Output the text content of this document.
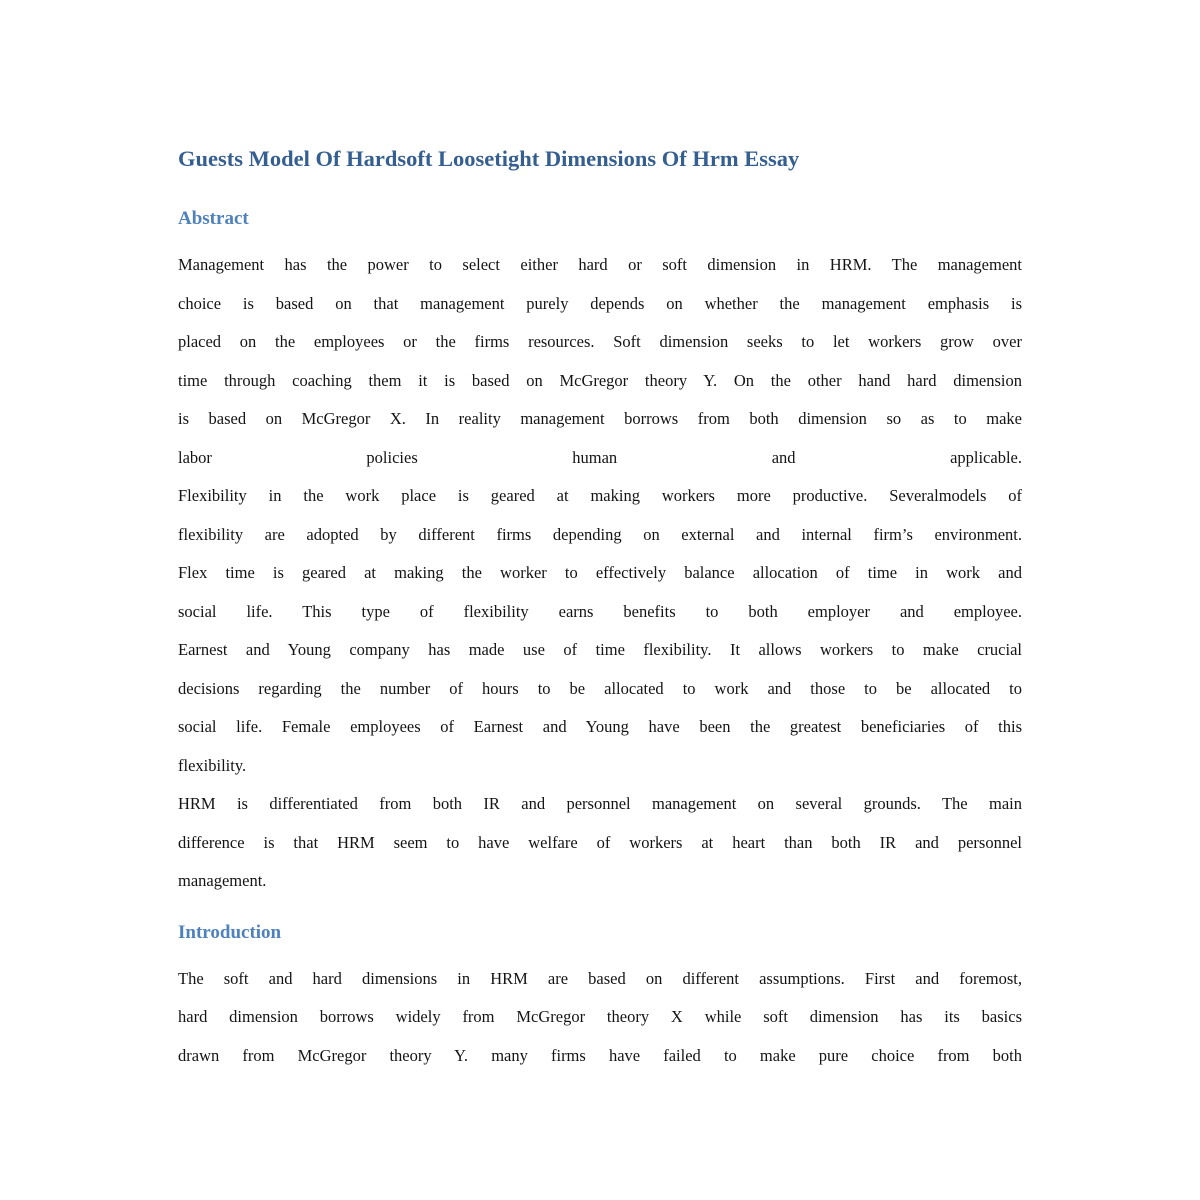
Guests Model Of Hardsoft Loosetight Dimensions Of Hrm Essay
Abstract
Management has the power to select either hard or soft dimension in HRM. The management
choice is based on that management purely depends on whether the management emphasis is
placed on the employees or the firms resources. Soft dimension seeks to let workers grow over
time through coaching them it is based on McGregor theory Y. On the other hand hard dimension
is based on McGregor X. In reality management borrows from both dimension so as to make
labor policies human and applicable.
Flexibility in the work place is geared at making workers more productive. Severalmodels of
flexibility are adopted by different firms depending on external and internal firm’s environment.
Flex time is geared at making the worker to effectively balance allocation of time in work and
social life. This type of flexibility earns benefits to both employer and employee.
Earnest and Young company has made use of time flexibility. It allows workers to make crucial
decisions regarding the number of hours to be allocated to work and those to be allocated to
social life. Female employees of Earnest and Young have been the greatest beneficiaries of this
flexibility.
HRM is differentiated from both IR and personnel management on several grounds. The main
difference is that HRM seem to have welfare of workers at heart than both IR and personnel
management.
Introduction
The soft and hard dimensions in HRM are based on different assumptions. First and foremost,
hard dimension borrows widely from McGregor theory X while soft dimension has its basics
drawn from McGregor theory Y. many firms have failed to make pure choice from both
